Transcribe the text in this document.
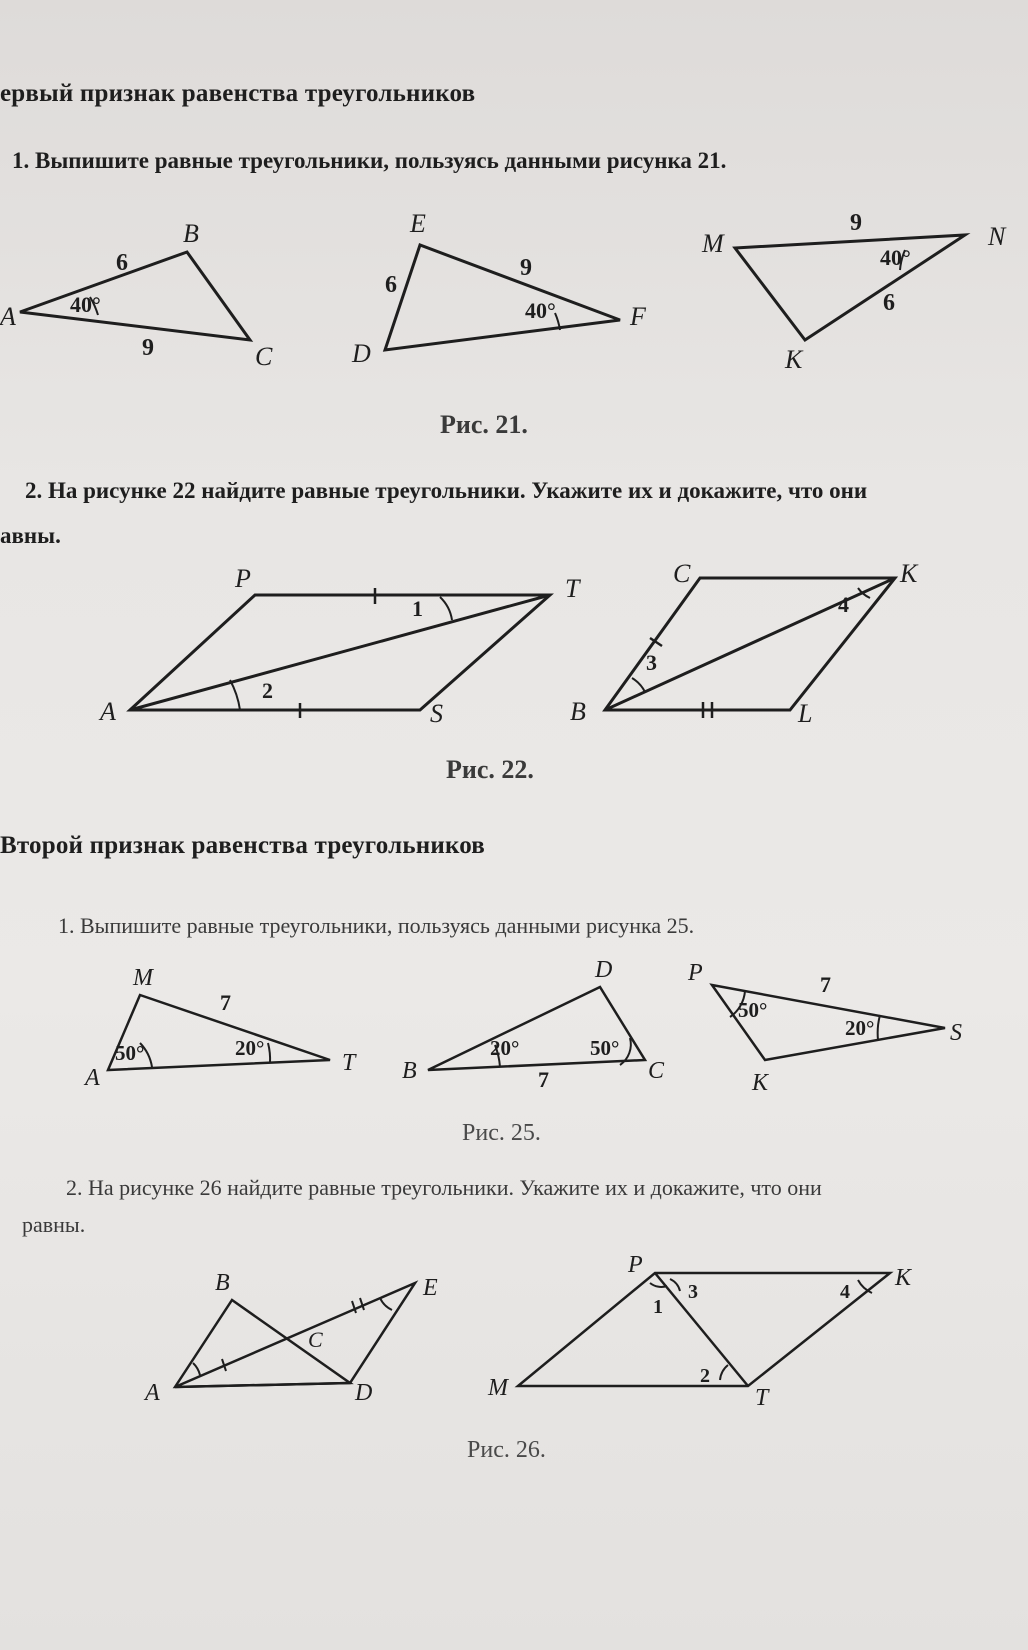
ервый признак равенства треугольников
1. Выпишите равные треугольники, пользуясь данными рисунка 21.
A
B
C
6
9
40°
D
E
F
6
9
40°
M	N
K
9
6
40°
Рис. 21.
2. На рисунке 22 найдите равные треугольники. Укажите их и докажите, что они
авны.
P	T
A	S
1
2
C	K
B	L
3
4
Рис. 22.
Второй признак равенства треугольников
1. Выпишите равные треугольники, пользуясь данными рисунка 25.
M
A
T
7
50°	20°
D
B	C
7
20°	50°
P
S
K
7
50°
20°
Рис. 25.
2. На рисунке 26 найдите равные треугольники. Укажите их и докажите, что они
равны.
B	E
C
A	D
P	K
M	T
1
2
3	4
Рис. 26.
